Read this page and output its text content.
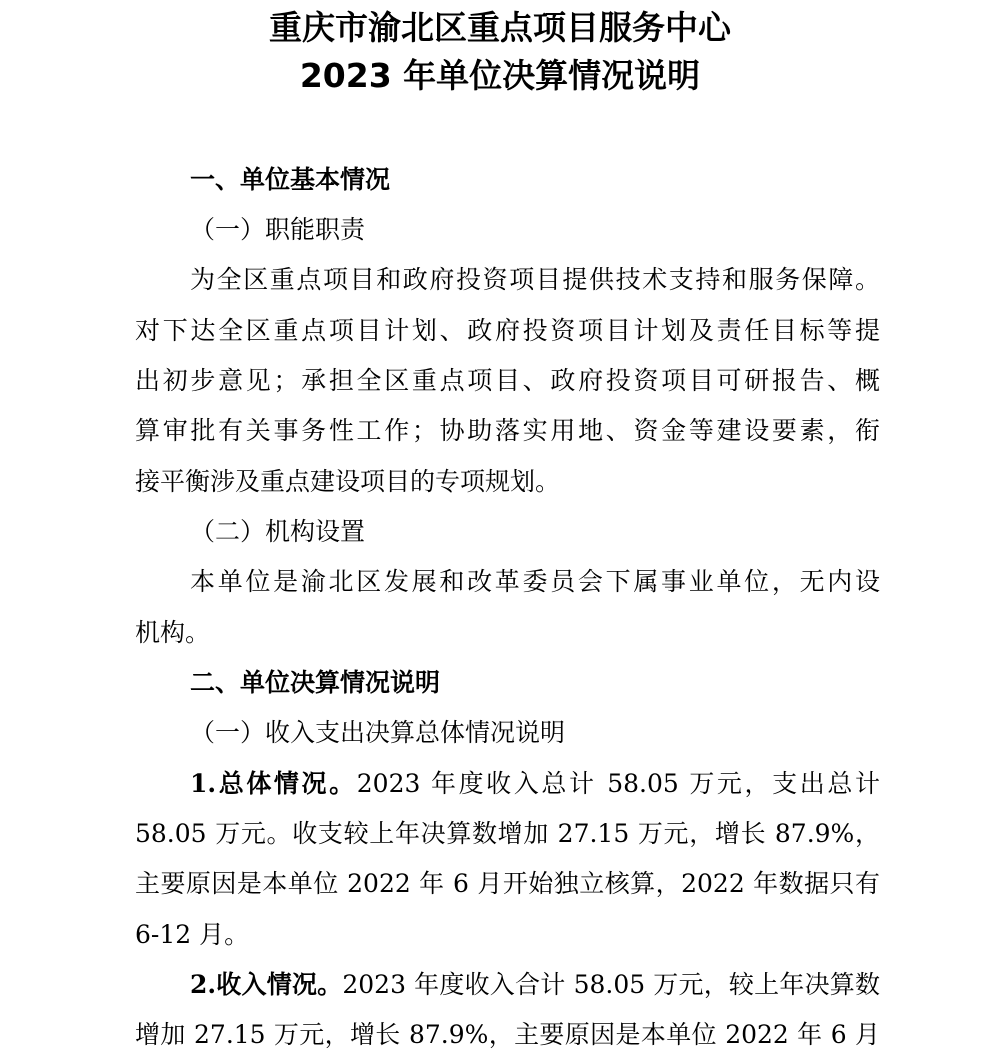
重庆市渝北区重点项目服务中心
2023 年单位决算情况说明

一、单位基本情况

（一）职能职责

为全区重点项目和政府投资项目提供技术支持和服务保障。

对下达全区重点项目计划、政府投资项目计划及责任目标等提

出初步意见；承担全区重点项目、政府投资项目可研报告、概

算审批有关事务性工作；协助落实用地、资金等建设要素，衔

接平衡涉及重点建设项目的专项规划。

（二）机构设置

本单位是渝北区发展和改革委员会下属事业单位，无内设

机构。

二、单位决算情况说明

（一）收入支出决算总体情况说明

1.总体情况。2023 年度收入总计 58.05 万元，支出总计

58.05 万元。收支较上年决算数增加 27.15 万元，增长 87.9%，

主要原因是本单位 2022 年 6 月开始独立核算，2022 年数据只有

6-12 月。

2.收入情况。2023 年度收入合计 58.05 万元，较上年决算数

增加 27.15 万元，增长 87.9%，主要原因是本单位 2022 年 6 月
